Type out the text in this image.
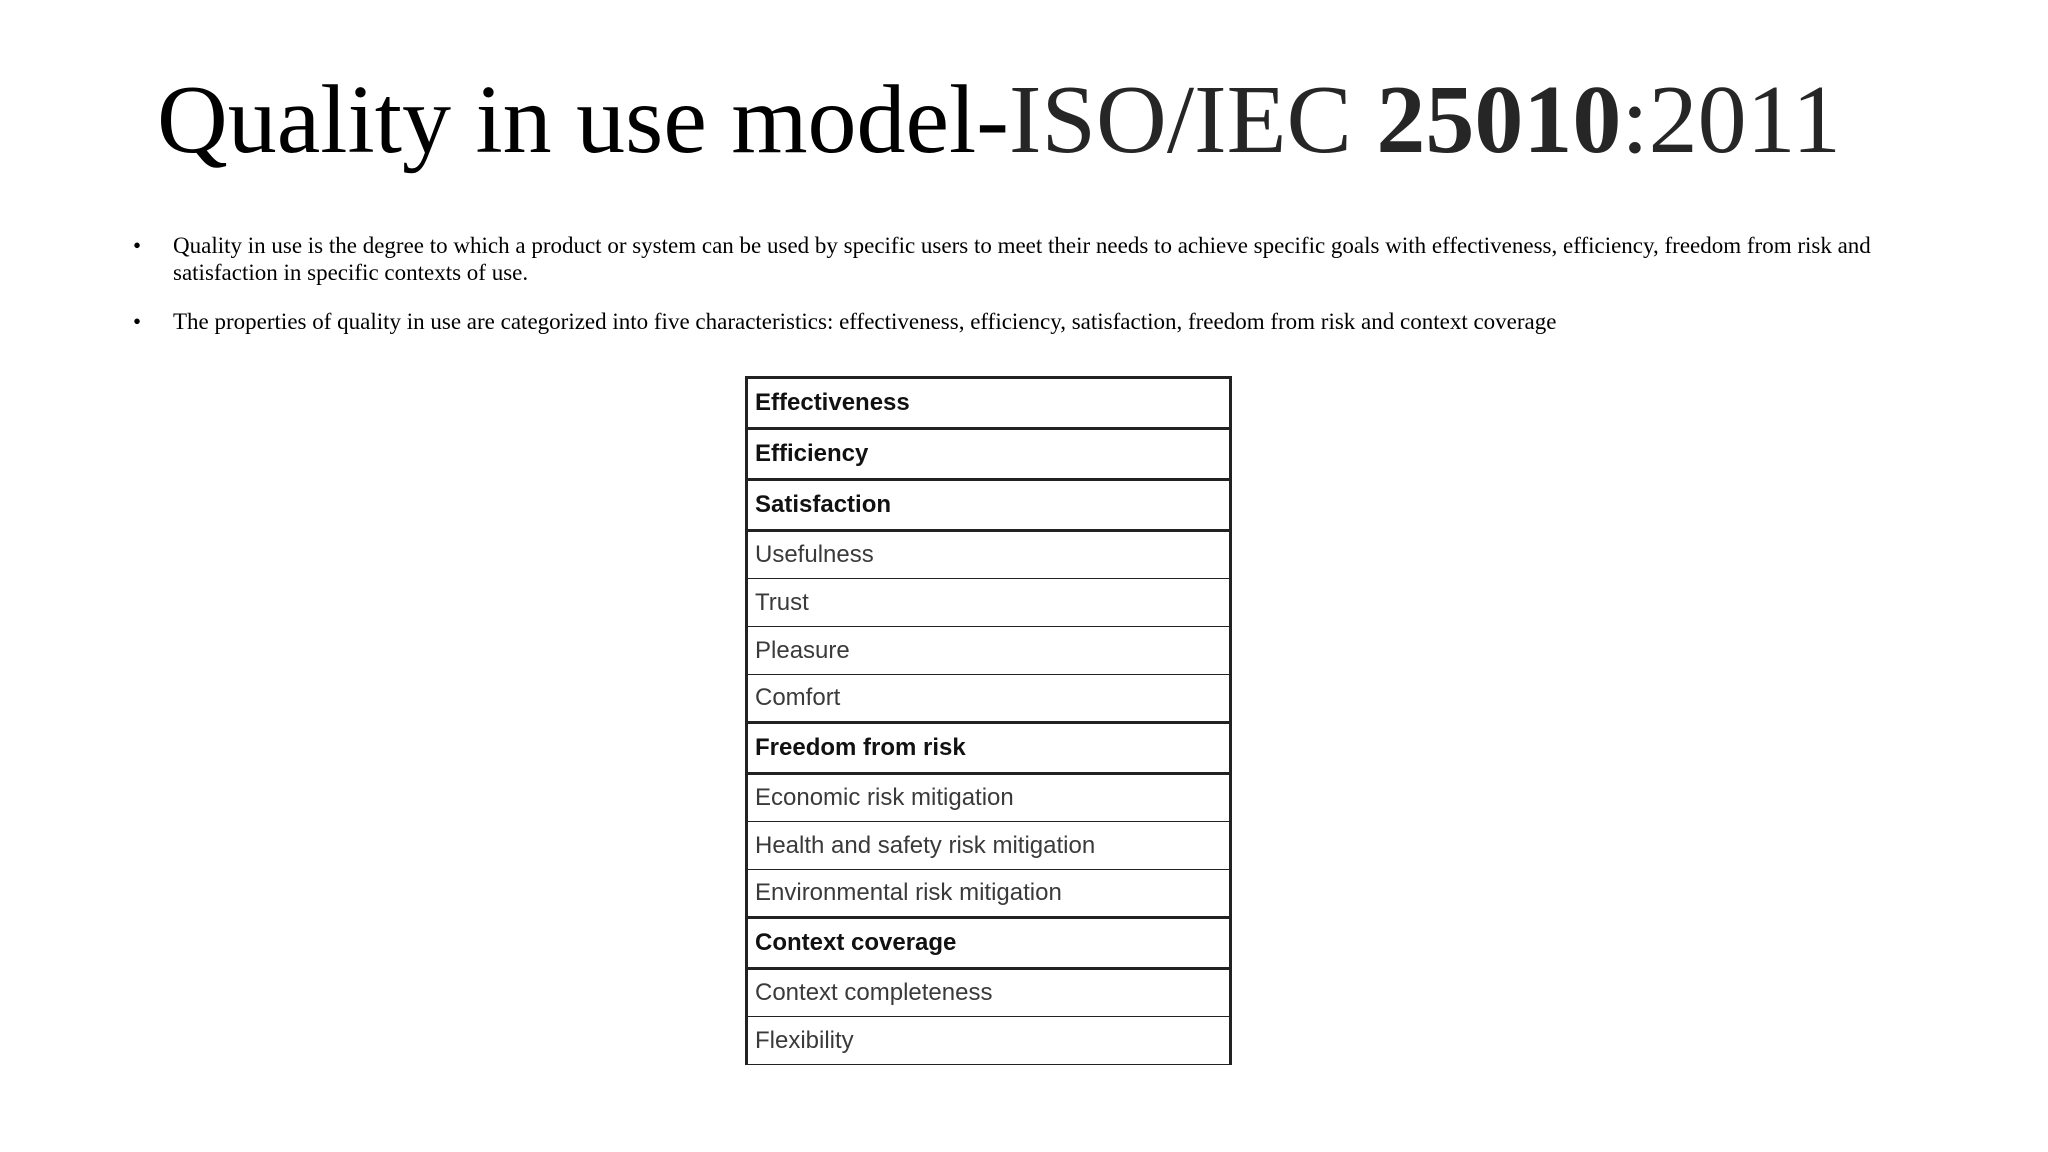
Quality in use model-ISO/IEC 25010:2011
• Quality in use is the degree to which a product or system can be used by specific users to meet their needs to achieve specific goals with effectiveness, efficiency, freedom from risk and satisfaction in specific contexts of use.
• The properties of quality in use are categorized into five characteristics: effectiveness, efficiency, satisfaction, freedom from risk and context coverage
Effectiveness
Efficiency
Satisfaction
Usefulness
Trust
Pleasure
Comfort
Freedom from risk
Economic risk mitigation
Health and safety risk mitigation
Environmental risk mitigation
Context coverage
Context completeness
Flexibility
